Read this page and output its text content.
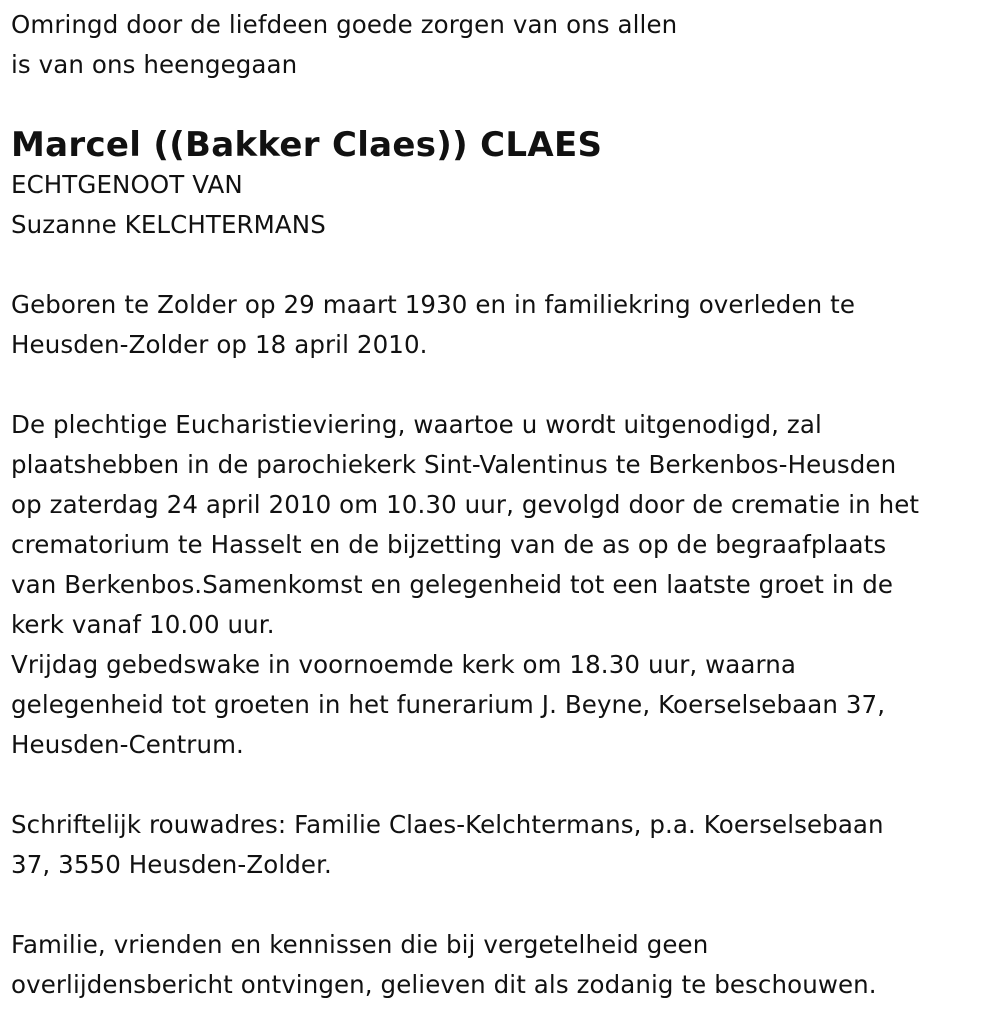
Omringd door de liefdeen goede zorgen van ons allen
is van ons heengegaan
Marcel ((Bakker Claes)) CLAES
ECHTGENOOT VAN
Suzanne KELCHTERMANS
Geboren te Zolder op 29 maart 1930 en in familiekring overleden te
Heusden-Zolder op 18 april 2010.
De plechtige Eucharistieviering, waartoe u wordt uitgenodigd, zal
plaatshebben in de parochiekerk Sint-Valentinus te Berkenbos-Heusden
op zaterdag 24 april 2010 om 10.30 uur, gevolgd door de crematie in het
crematorium te Hasselt en de bijzetting van de as op de begraafplaats
van Berkenbos.Samenkomst en gelegenheid tot een laatste groet in de
kerk vanaf 10.00 uur.
Vrijdag gebedswake in voornoemde kerk om 18.30 uur, waarna
gelegenheid tot groeten in het funerarium J. Beyne, Koerselsebaan 37,
Heusden-Centrum.
Schriftelijk rouwadres: Familie Claes-Kelchtermans, p.a. Koerselsebaan
37, 3550 Heusden-Zolder.
Familie, vrienden en kennissen die bij vergetelheid geen
overlijdensbericht ontvingen, gelieven dit als zodanig te beschouwen.
